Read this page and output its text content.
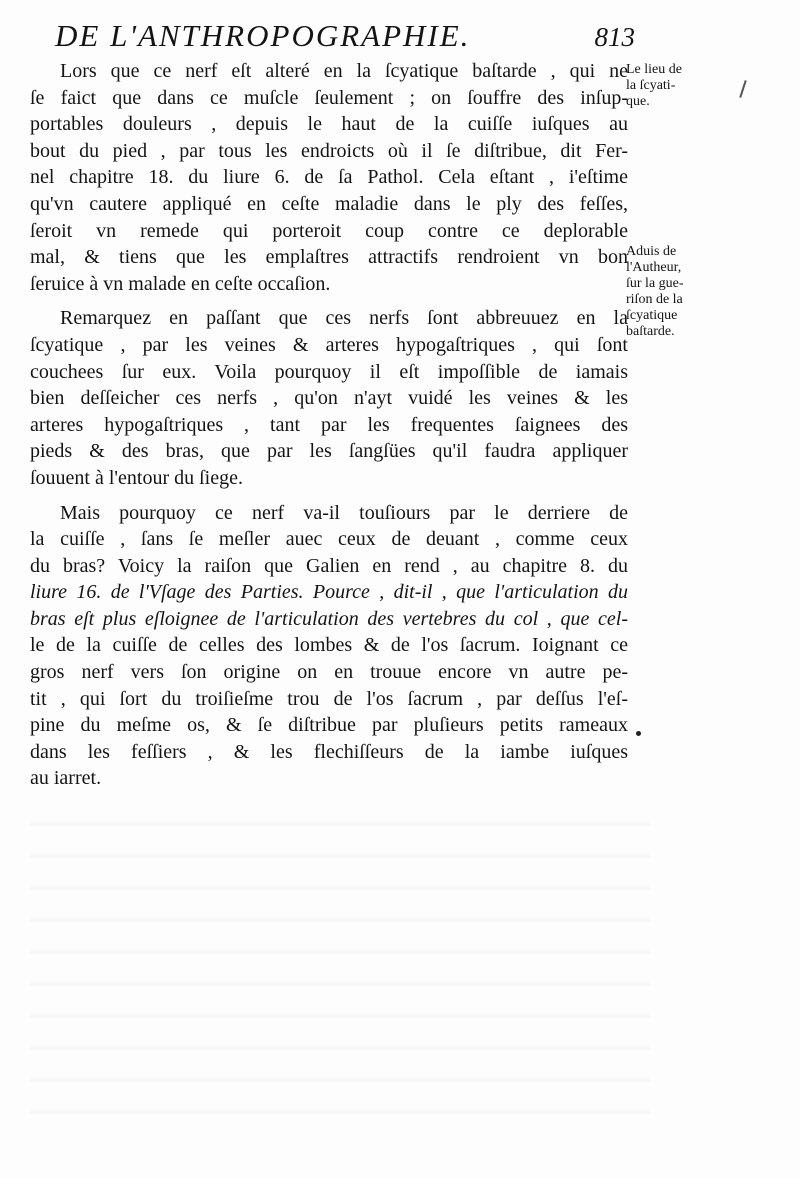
DE L'ANTHROPOGRAPHIE.	813
Lors que ce nerf eſt alteré en la ſcyatique baſtarde , qui ne
ſe faict que dans ce muſcle ſeulement ; on ſouffre des inſup-
portables douleurs , depuis le haut de la cuiſſe iuſques au
bout du pied , par tous les endroicts où il ſe diſtribue, dit Fer-
nel chapitre 18. du liure 6. de ſa Pathol. Cela eſtant , i'eſtime
qu'vn cautere appliqué en ceſte maladie dans le ply des feſſes,
ſeroit vn remede qui porteroit coup contre ce deplorable
mal, & tiens que les emplaſtres attractifs rendroient vn bon
ſeruice à vn malade en ceſte occaſion.
Remarquez en paſſant que ces nerfs ſont abbreuuez en la
ſcyatique , par les veines & arteres hypogaſtriques , qui ſont
couchees ſur eux. Voila pourquoy il eſt impoſſible de iamais
bien deſſeicher ces nerfs , qu'on n'ayt vuidé les veines & les
arteres hypogaſtriques , tant par les frequentes ſaignees des
pieds & des bras, que par les ſangſües qu'il faudra appliquer
ſouuent à l'entour du ſiege.
Mais pourquoy ce nerf va-il touſiours par le derriere de
la cuiſſe , ſans ſe meſler auec ceux de deuant , comme ceux
du bras? Voicy la raiſon que Galien en rend , au chapitre 8. du
liure 16. de l'Vſage des Parties. Pource , dit-il , que l'articulation du
bras eſt plus eſloignee de l'articulation des vertebres du col , que cel-
le de la cuiſſe de celles des lombes & de l'os ſacrum. Ioignant ce
gros nerf vers ſon origine on en trouue encore vn autre pe-
tit , qui ſort du troiſieſme trou de l'os ſacrum , par deſſus l'eſ-
pine du meſme os, & ſe diſtribue par pluſieurs petits rameaux
dans les feſſiers , & les flechiſſeurs de la iambe iuſques
au iarret.
Le lieu de
la ſcyati-
que.
Aduis de
l'Autheur,
ſur la gue-
riſon de la
ſcyatique
baſtarde.
